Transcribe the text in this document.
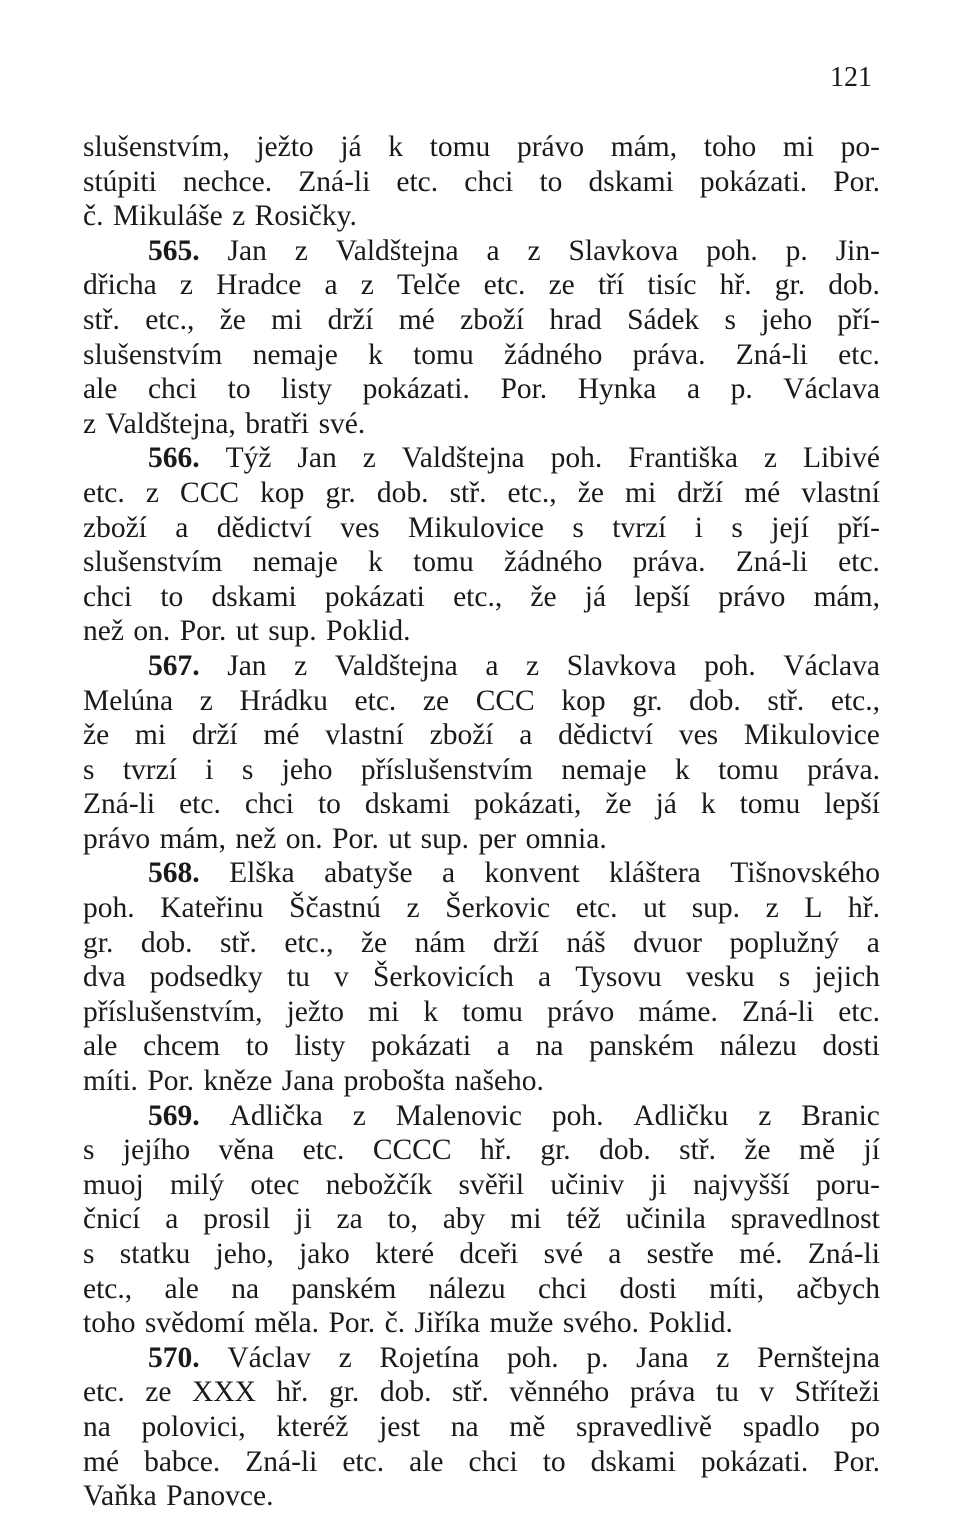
121
slušenstvím, ježto já k tomu právo mám, toho mi po-
stúpiti nechce. Zná-li etc. chci to dskami pokázati. Por.
č. Mikuláše z Rosičky.
565. Jan z Valdštejna a z Slavkova poh. p. Jin-
dřicha z Hradce a z Telče etc. ze tří tisíc hř. gr. dob.
stř. etc., že mi drží mé zboží hrad Sádek s jeho pří-
slušenstvím nemaje k tomu žádného práva. Zná-li etc.
ale chci to listy pokázati. Por. Hynka a p. Václava
z Valdštejna, bratři své.
566. Týž Jan z Valdštejna poh. Františka z Libivé
etc. z CCC kop gr. dob. stř. etc., že mi drží mé vlastní
zboží a dědictví ves Mikulovice s tvrzí i s její pří-
slušenstvím nemaje k tomu žádného práva. Zná-li etc.
chci to dskami pokázati etc., že já lepší právo mám,
než on. Por. ut sup. Poklid.
567. Jan z Valdštejna a z Slavkova poh. Václava
Melúna z Hrádku etc. ze CCC kop gr. dob. stř. etc.,
že mi drží mé vlastní zboží a dědictví ves Mikulovice
s tvrzí i s jeho příslušenstvím nemaje k tomu práva.
Zná-li etc. chci to dskami pokázati, že já k tomu lepší
právo mám, než on. Por. ut sup. per omnia.
568. Elška abatyše a konvent kláštera Tišnovského
poh. Kateřinu Ščastnú z Šerkovic etc. ut sup. z L hř.
gr. dob. stř. etc., že nám drží náš dvuor poplužný a
dva podsedky tu v Šerkovicích a Tysovu vesku s jejich
příslušenstvím, ježto mi k tomu právo máme. Zná-li etc.
ale chcem to listy pokázati a na panském nálezu dosti
míti. Por. kněze Jana probošta našeho.
569. Adlička z Malenovic poh. Adličku z Branic
s jejího věna etc. CCCC hř. gr. dob. stř. že mě jí
muoj milý otec nebožčík svěřil učiniv ji najvyšší poru-
čnicí a prosil ji za to, aby mi též učinila spravedlnost
s statku jeho, jako které dceři své a sestře mé. Zná-li
etc., ale na panském nálezu chci dosti míti, ačbych
toho svědomí měla. Por. č. Jiříka muže svého. Poklid.
570. Václav z Rojetína poh. p. Jana z Pernštejna
etc. ze XXX hř. gr. dob. stř. věnného práva tu v Stříteži
na polovici, kteréž jest na mě spravedlivě spadlo po
mé babce. Zná-li etc. ale chci to dskami pokázati. Por.
Vaňka Panovce.
